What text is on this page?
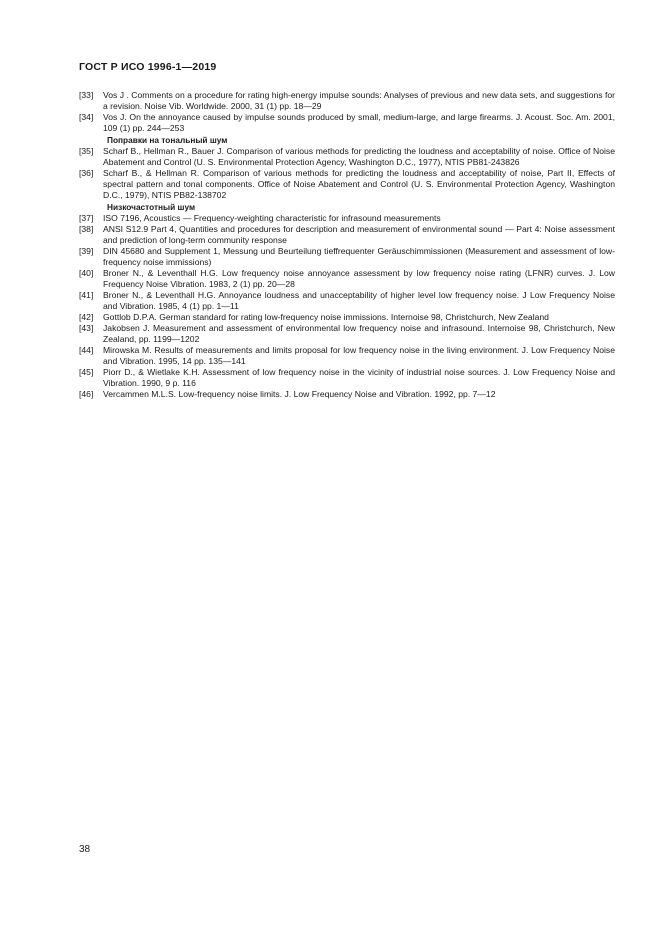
ГОСТ Р ИСО 1996-1—2019
[33]	Vos J . Comments on a procedure for rating high-energy impulse sounds: Analyses of previous and new data sets, and suggestions for a revision. Noise Vib. Worldwide. 2000, 31 (1) pp. 18—29
[34]	Vos J. On the annoyance caused by impulse sounds produced by small, medium-large, and large firearms. J. Acoust. Soc. Am. 2001, 109 (1) pp. 244—253
Поправки на тональный шум
[35]	Scharf B., Hellman R., Bauer J. Comparison of various methods for predicting the loudness and acceptability of noise. Office of Noise Abatement and Control (U. S. Environmental Protection Agency, Washington D.C., 1977), NTIS PB81-243826
[36]	Scharf B., & Hellman R. Comparison of various methods for predicting the loudness and acceptability of noise, Part II, Effects of spectral pattern and tonal components. Office of Noise Abatement and Control (U. S. Environmental Protection Agency, Washington D.C., 1979), NTIS PB82-138702
Низкочастотный шум
[37]	ISO 7196, Acoustics — Frequency-weighting characteristic for infrasound measurements
[38]	ANSI S12.9 Part 4, Quantities and procedures for description and measurement of environmental sound — Part 4: Noise assessment and prediction of long-term community response
[39]	DIN 45680 and Supplement 1, Messung und Beurteilung tieffrequenter Geräuschimmissionen (Measurement and assessment of low-frequency noise immissions)
[40]	Broner N., & Leventhall H.G. Low frequency noise annoyance assessment by low frequency noise rating (LFNR) curves. J. Low Frequency Noise Vibration. 1983, 2 (1) pp. 20—28
[41]	Broner N., & Leventhall H.G. Annoyance loudness and unacceptability of higher level low frequency noise. J Low Frequency Noise and Vibration. 1985, 4 (1) pp. 1—11
[42]	Gottlob D.P.A. German standard for rating low-frequency noise immissions. Internoise 98, Christchurch, New Zealand
[43]	Jakobsen J. Measurement and assessment of environmental low frequency noise and infrasound. Internoise 98, Christchurch, New Zealand, pp. 1199—1202
[44]	Mirowska M. Results of measurements and limits proposal for low frequency noise in the living environment. J. Low Frequency Noise and Vibration. 1995, 14 pp. 135—141
[45]	Piorr D., & Wietlake K.H. Assessment of low frequency noise in the vicinity of industrial noise sources. J. Low Frequency Noise and Vibration. 1990, 9 p. 116
[46]	Vercammen M.L.S. Low-frequency noise limits. J. Low Frequency Noise and Vibration. 1992, pp. 7—12
38
